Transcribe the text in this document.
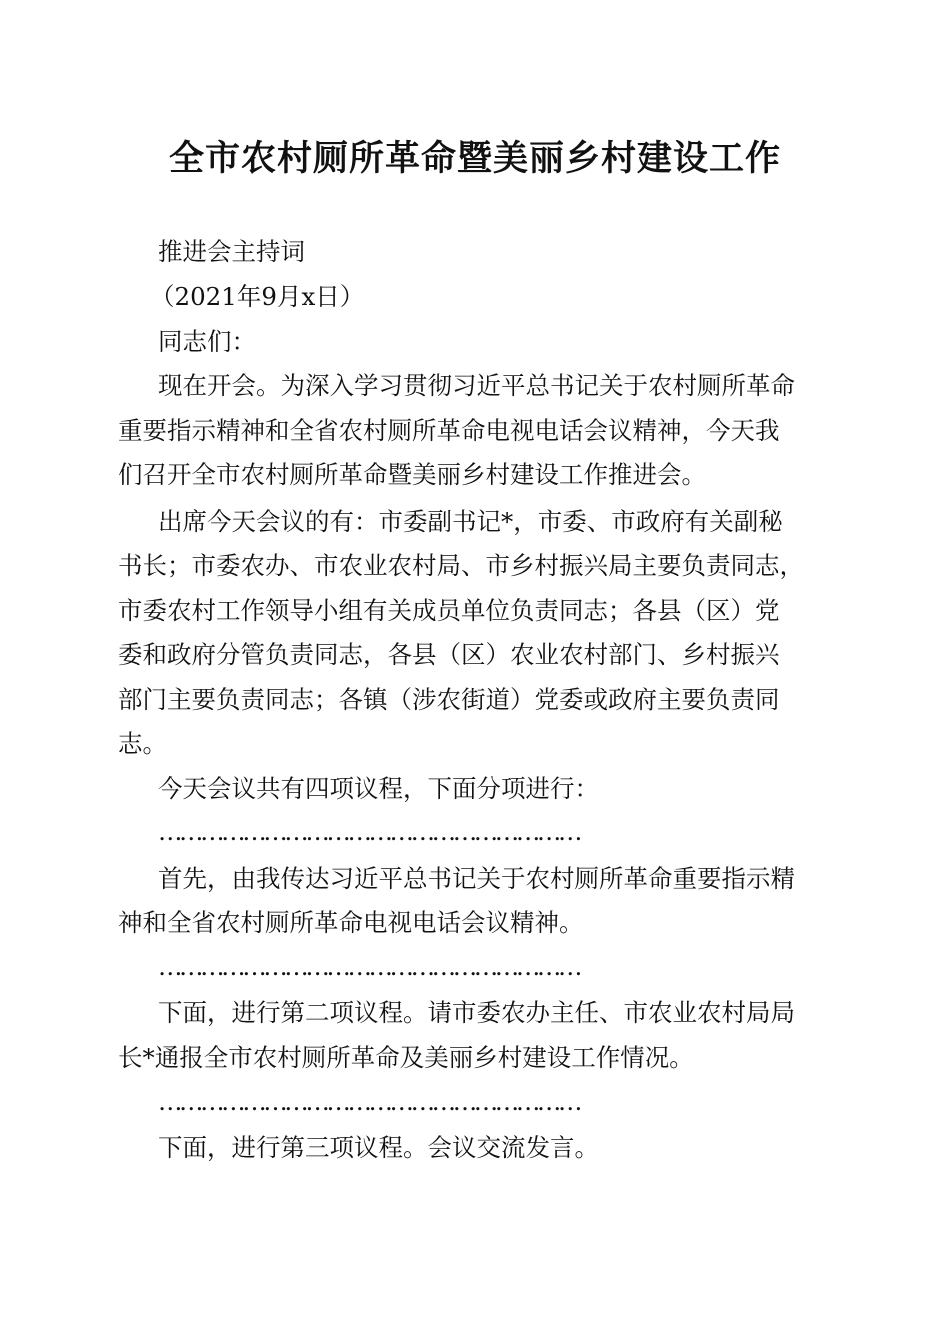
全市农村厕所革命暨美丽乡村建设工作

推进会主持词

（2021年9月x日）

同志们：

现在开会。为深入学习贯彻习近平总书记关于农村厕所革命

重要指示精神和全省农村厕所革命电视电话会议精神，今天我

们召开全市农村厕所革命暨美丽乡村建设工作推进会。

出席今天会议的有：市委副书记*，市委、市政府有关副秘

书长；市委农办、市农业农村局、市乡村振兴局主要负责同志，

市委农村工作领导小组有关成员单位负责同志；各县（区）党

委和政府分管负责同志，各县（区）农业农村部门、乡村振兴

部门主要负责同志；各镇（涉农街道）党委或政府主要负责同

志。

今天会议共有四项议程，下面分项进行：

……………………………………………………

首先，由我传达习近平总书记关于农村厕所革命重要指示精

神和全省农村厕所革命电视电话会议精神。

……………………………………………………

下面，进行第二项议程。请市委农办主任、市农业农村局局

长*通报全市农村厕所革命及美丽乡村建设工作情况。

……………………………………………………

下面，进行第三项议程。会议交流发言。
